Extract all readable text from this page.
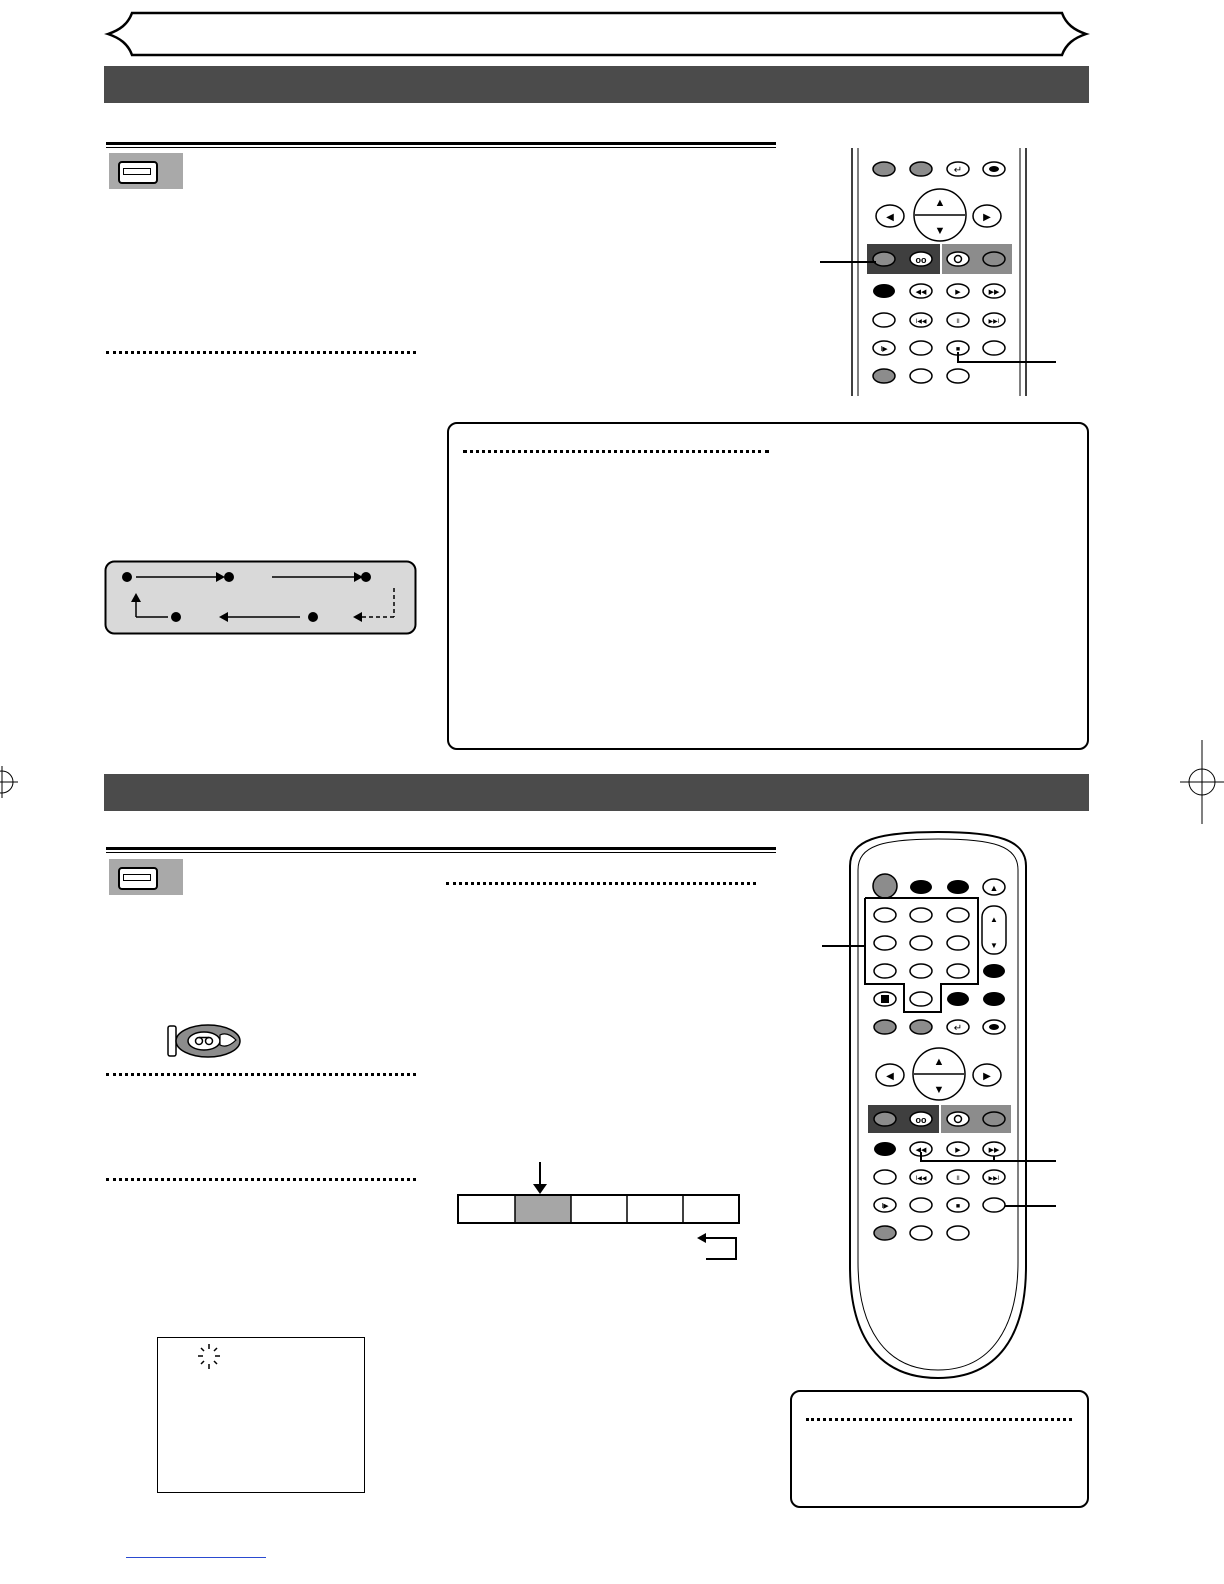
↵
▲
▼
◀	▶
oo
◀◀	▶	▶▶
I◀◀	II	▶▶I
I▶	■
▲
▲
▼
↵
▲
▼
◀	▶
oo
◀◀	▶	▶▶
I◀◀	II	▶▶I
I▶	■
